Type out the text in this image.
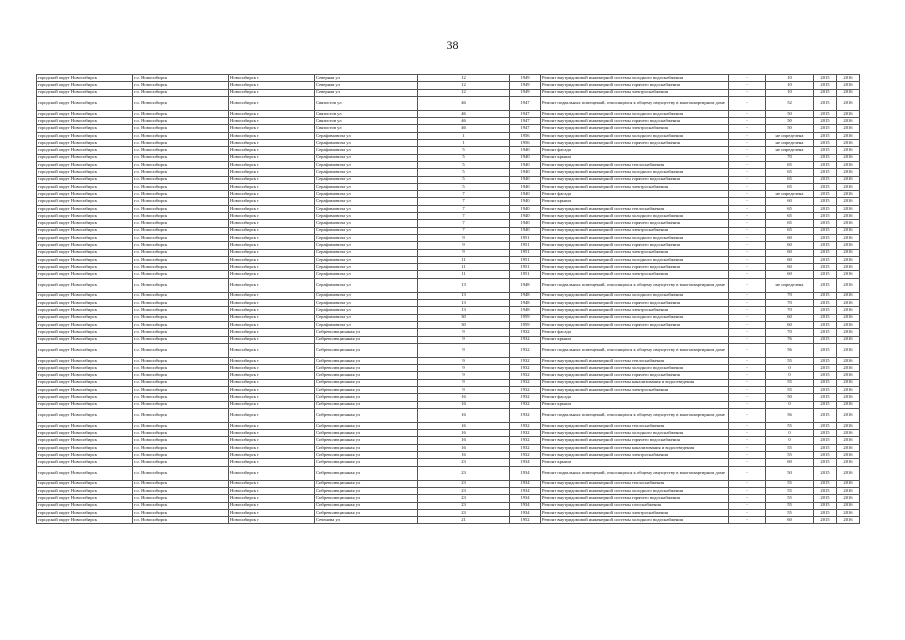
38
городской округ Новосибирск	г.о. Новосибирск	Новосибирск г	Северная ул	12	1949	Ремонт внутридомовой инженерной системы холодного водоснабжения	-	10	2015	2016
городской округ Новосибирск	г.о. Новосибирск	Новосибирск г	Северная ул	12	1949	Ремонт внутридомовой инженерной системы горячего водоснабжения	-	10	2015	2016
городской округ Новосибирск	г.о. Новосибирск	Новосибирск г	Северная ул	12	1949	Ремонт внутридомовой инженерной системы электроснабжения	-	10	2015	2016
городской округ Новосибирск	г.о. Новосибирск	Новосибирск г	Связистов ул	46	1947	Ремонт подвальных помещений, относящихся к общему имуществу в многоквартирном доме	-	52	2015	2016
городской округ Новосибирск	г.о. Новосибирск	Новосибирск г	Связистов ул	46	1947	Ремонт внутридомовой инженерной системы холодного водоснабжения	-	50	2015	2016
городской округ Новосибирск	г.о. Новосибирск	Новосибирск г	Связистов ул	46	1947	Ремонт внутридомовой инженерной системы горячего водоснабжения	-	50	2015	2016
городской округ Новосибирск	г.о. Новосибирск	Новосибирск г	Связистов ул	46	1947	Ремонт внутридомовой инженерной системы электроснабжения	-	50	2015	2016
городской округ Новосибирск	г.о. Новосибирск	Новосибирск г	Серафимовича ул	1	1956	Ремонт внутридомовой инженерной системы холодного водоснабжения	-	не определена	2015	2016
городской округ Новосибирск	г.о. Новосибирск	Новосибирск г	Серафимовича ул	1	1956	Ремонт внутридомовой инженерной системы горячего водоснабжения	-	не определена	2015	2016
городской округ Новосибирск	г.о. Новосибирск	Новосибирск г	Серафимовича ул	5	1940	Ремонт фасада	-	не определена	2015	2016
городской округ Новосибирск	г.о. Новосибирск	Новосибирск г	Серафимовича ул	5	1940	Ремонт крыши	-	70	2015	2016
городской округ Новосибирск	г.о. Новосибирск	Новосибирск г	Серафимовича ул	5	1940	Ремонт внутридомовой инженерной системы теплоснабжения	-	65	2015	2016
городской округ Новосибирск	г.о. Новосибирск	Новосибирск г	Серафимовича ул	5	1940	Ремонт внутридомовой инженерной системы холодного водоснабжения	-	65	2015	2016
городской округ Новосибирск	г.о. Новосибирск	Новосибирск г	Серафимовича ул	5	1940	Ремонт внутридомовой инженерной системы горячего водоснабжения	-	65	2015	2016
городской округ Новосибирск	г.о. Новосибирск	Новосибирск г	Серафимовича ул	5	1940	Ремонт внутридомовой инженерной системы электроснабжения	-	65	2015	2016
городской округ Новосибирск	г.о. Новосибирск	Новосибирск г	Серафимовича ул	7	1940	Ремонт фасада	-	не определена	2015	2016
городской округ Новосибирск	г.о. Новосибирск	Новосибирск г	Серафимовича ул	7	1940	Ремонт крыши	-	60	2015	2016
городской округ Новосибирск	г.о. Новосибирск	Новосибирск г	Серафимовича ул	7	1940	Ремонт внутридомовой инженерной системы теплоснабжения	-	65	2015	2016
городской округ Новосибирск	г.о. Новосибирск	Новосибирск г	Серафимовича ул	7	1940	Ремонт внутридомовой инженерной системы холодного водоснабжения	-	65	2015	2016
городской округ Новосибирск	г.о. Новосибирск	Новосибирск г	Серафимовича ул	7	1940	Ремонт внутридомовой инженерной системы горячего водоснабжения	-	65	2015	2016
городской округ Новосибирск	г.о. Новосибирск	Новосибирск г	Серафимовича ул	7	1940	Ремонт внутридомовой инженерной системы электроснабжения	-	65	2015	2016
городской округ Новосибирск	г.о. Новосибирск	Новосибирск г	Серафимовича ул	9	1951	Ремонт внутридомовой инженерной системы холодного водоснабжения	-	60	2015	2016
городской округ Новосибирск	г.о. Новосибирск	Новосибирск г	Серафимовича ул	9	1951	Ремонт внутридомовой инженерной системы горячего водоснабжения	-	60	2015	2016
городской округ Новосибирск	г.о. Новосибирск	Новосибирск г	Серафимовича ул	9	1951	Ремонт внутридомовой инженерной системы электроснабжения	-	60	2015	2016
городской округ Новосибирск	г.о. Новосибирск	Новосибирск г	Серафимовича ул	11	1951	Ремонт внутридомовой инженерной системы холодного водоснабжения	-	60	2015	2016
городской округ Новосибирск	г.о. Новосибирск	Новосибирск г	Серафимовича ул	11	1951	Ремонт внутридомовой инженерной системы горячего водоснабжения	-	60	2015	2016
городской округ Новосибирск	г.о. Новосибирск	Новосибирск г	Серафимовича ул	11	1951	Ремонт внутридомовой инженерной системы электроснабжения	-	60	2015	2016
городской округ Новосибирск	г.о. Новосибирск	Новосибирск г	Серафимовича ул	13	1948	Ремонт подвальных помещений, относящихся к общему имуществу в многоквартирном доме	-	не определена	2015	2016
городской округ Новосибирск	г.о. Новосибирск	Новосибирск г	Серафимовича ул	13	1948	Ремонт внутридомовой инженерной системы холодного водоснабжения	-	70	2015	2016
городской округ Новосибирск	г.о. Новосибирск	Новосибирск г	Серафимовича ул	13	1948	Ремонт внутридомовой инженерной системы горячего водоснабжения	-	70	2015	2016
городской округ Новосибирск	г.о. Новосибирск	Новосибирск г	Серафимовича ул	13	1948	Ремонт внутридомовой инженерной системы электроснабжения	-	70	2015	2016
городской округ Новосибирск	г.о. Новосибирск	Новосибирск г	Серафимовича ул	30	1959	Ремонт внутридомовой инженерной системы холодного водоснабжения	-	60	2015	2016
городской округ Новосибирск	г.о. Новосибирск	Новосибирск г	Серафимовича ул	30	1959	Ремонт внутридомовой инженерной системы горячего водоснабжения	-	60	2015	2016
городской округ Новосибирск	г.о. Новосибирск	Новосибирск г	Сибреволюционная ул	9	1932	Ремонт фасада	-	70	2015	2016
городской округ Новосибирск	г.о. Новосибирск	Новосибирск г	Сибреволюционная ул	9	1932	Ремонт крыши	-	76	2015	2016
городской округ Новосибирск	г.о. Новосибирск	Новосибирск г	Сибреволюционная ул	9	1932	Ремонт подвальных помещений, относящихся к общему имуществу в многоквартирном доме	-	56	2015	2016
городской округ Новосибирск	г.о. Новосибирск	Новосибирск г	Сибреволюционная ул	9	1932	Ремонт внутридомовой инженерной системы теплоснабжения	-	55	2015	2016
городской округ Новосибирск	г.о. Новосибирск	Новосибирск г	Сибреволюционная ул	9	1932	Ремонт внутридомовой инженерной системы холодного водоснабжения	-	0	2015	2016
городской округ Новосибирск	г.о. Новосибирск	Новосибирск г	Сибреволюционная ул	9	1932	Ремонт внутридомовой инженерной системы горячего водоснабжения	-	0	2015	2016
городской округ Новосибирск	г.о. Новосибирск	Новосибирск г	Сибреволюционная ул	9	1932	Ремонт внутридомовой инженерной системы канализования и водоотведения	-	55	2015	2016
городской округ Новосибирск	г.о. Новосибирск	Новосибирск г	Сибреволюционная ул	9	1932	Ремонт внутридомовой инженерной системы электроснабжения	-	55	2015	2016
городской округ Новосибирск	г.о. Новосибирск	Новосибирск г	Сибреволюционная ул	16	1932	Ремонт фасада	-	50	2015	2016
городской округ Новосибирск	г.о. Новосибирск	Новосибирск г	Сибреволюционная ул	16	1932	Ремонт крыши	-	0	2015	2016
городской округ Новосибирск	г.о. Новосибирск	Новосибирск г	Сибреволюционная ул	16	1932	Ремонт подвальных помещений, относящихся к общему имуществу в многоквартирном доме	-	56	2015	2016
городской округ Новосибирск	г.о. Новосибирск	Новосибирск г	Сибреволюционная ул	16	1932	Ремонт внутридомовой инженерной системы теплоснабжения	-	55	2015	2016
городской округ Новосибирск	г.о. Новосибирск	Новосибирск г	Сибреволюционная ул	16	1932	Ремонт внутридомовой инженерной системы холодного водоснабжения	-	0	2015	2016
городской округ Новосибирск	г.о. Новосибирск	Новосибирск г	Сибреволюционная ул	16	1932	Ремонт внутридомовой инженерной системы горячего водоснабжения	-	0	2015	2016
городской округ Новосибирск	г.о. Новосибирск	Новосибирск г	Сибреволюционная ул	16	1932	Ремонт внутридомовой инженерной системы канализования и водоотведения	-	55	2015	2016
городской округ Новосибирск	г.о. Новосибирск	Новосибирск г	Сибреволюционная ул	16	1932	Ремонт внутридомовой инженерной системы электроснабжения	-	55	2015	2016
городской округ Новосибирск	г.о. Новосибирск	Новосибирск г	Сибреволюционная ул	23	1934	Ремонт крыши	-	60	2015	2016
городской округ Новосибирск	г.о. Новосибирск	Новосибирск г	Сибреволюционная ул	23	1934	Ремонт подвальных помещений, относящихся к общему имуществу в многоквартирном доме	-	50	2015	2016
городской округ Новосибирск	г.о. Новосибирск	Новосибирск г	Сибреволюционная ул	23	1934	Ремонт внутридомовой инженерной системы теплоснабжения	-	55	2015	2016
городской округ Новосибирск	г.о. Новосибирск	Новосибирск г	Сибреволюционная ул	23	1934	Ремонт внутридомовой инженерной системы холодного водоснабжения	-	55	2015	2016
городской округ Новосибирск	г.о. Новосибирск	Новосибирск г	Сибреволюционная ул	23	1934	Ремонт внутридомовой инженерной системы горячего водоснабжения	-	55	2015	2016
городской округ Новосибирск	г.о. Новосибирск	Новосибирск г	Сибреволюционная ул	23	1934	Ремонт внутридомовой инженерной системы газоснабжения	-	55	2015	2016
городской округ Новосибирск	г.о. Новосибирск	Новосибирск г	Сибреволюционная ул	23	1934	Ремонт внутридомовой инженерной системы электроснабжения	-	55	2015	2016
городской округ Новосибирск	г.о. Новосибирск	Новосибирск г	Сеченова ул	21	1952	Ремонт внутридомовой инженерной системы холодного водоснабжения	-	60	2015	2016
